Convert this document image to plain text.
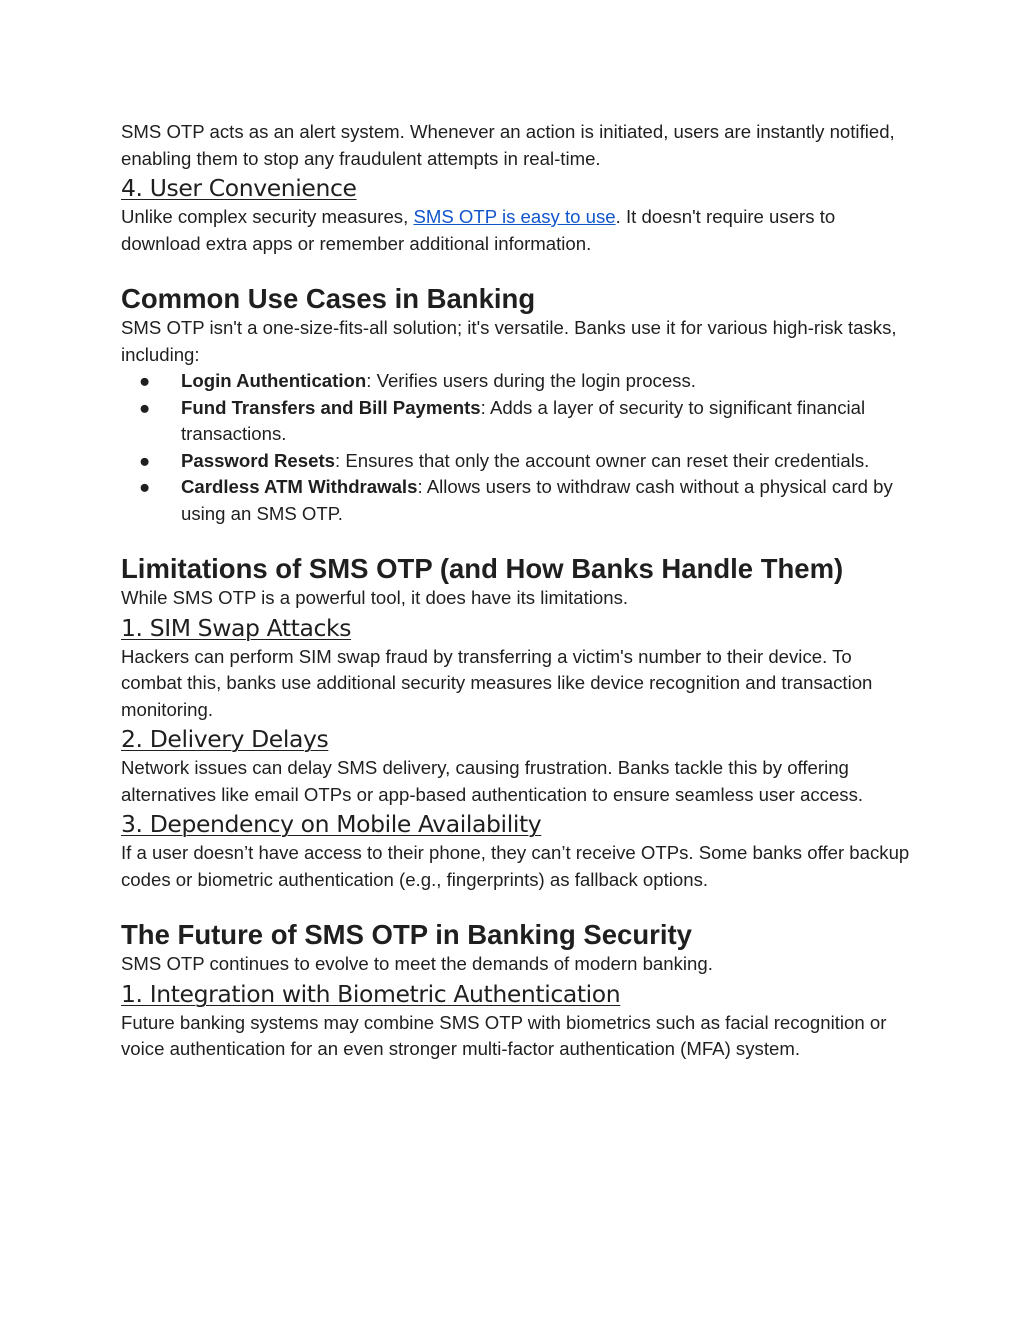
SMS OTP acts as an alert system. Whenever an action is initiated, users are instantly notified, enabling them to stop any fraudulent attempts in real-time.

4. User Convenience

Unlike complex security measures, SMS OTP is easy to use. It doesn't require users to download extra apps or remember additional information.

Common Use Cases in Banking

SMS OTP isn't a one-size-fits-all solution; it's versatile. Banks use it for various high-risk tasks, including:

● Login Authentication: Verifies users during the login process.
● Fund Transfers and Bill Payments: Adds a layer of security to significant financial transactions.
● Password Resets: Ensures that only the account owner can reset their credentials.
● Cardless ATM Withdrawals: Allows users to withdraw cash without a physical card by using an SMS OTP.
Limitations of SMS OTP (and How Banks Handle Them)

While SMS OTP is a powerful tool, it does have its limitations.

1. SIM Swap Attacks

Hackers can perform SIM swap fraud by transferring a victim's number to their device. To combat this, banks use additional security measures like device recognition and transaction monitoring.

2. Delivery Delays

Network issues can delay SMS delivery, causing frustration. Banks tackle this by offering alternatives like email OTPs or app-based authentication to ensure seamless user access.

3. Dependency on Mobile Availability

If a user doesn’t have access to their phone, they can’t receive OTPs. Some banks offer backup codes or biometric authentication (e.g., fingerprints) as fallback options.

The Future of SMS OTP in Banking Security

SMS OTP continues to evolve to meet the demands of modern banking.

1. Integration with Biometric Authentication

Future banking systems may combine SMS OTP with biometrics such as facial recognition or voice authentication for an even stronger multi-factor authentication (MFA) system.
